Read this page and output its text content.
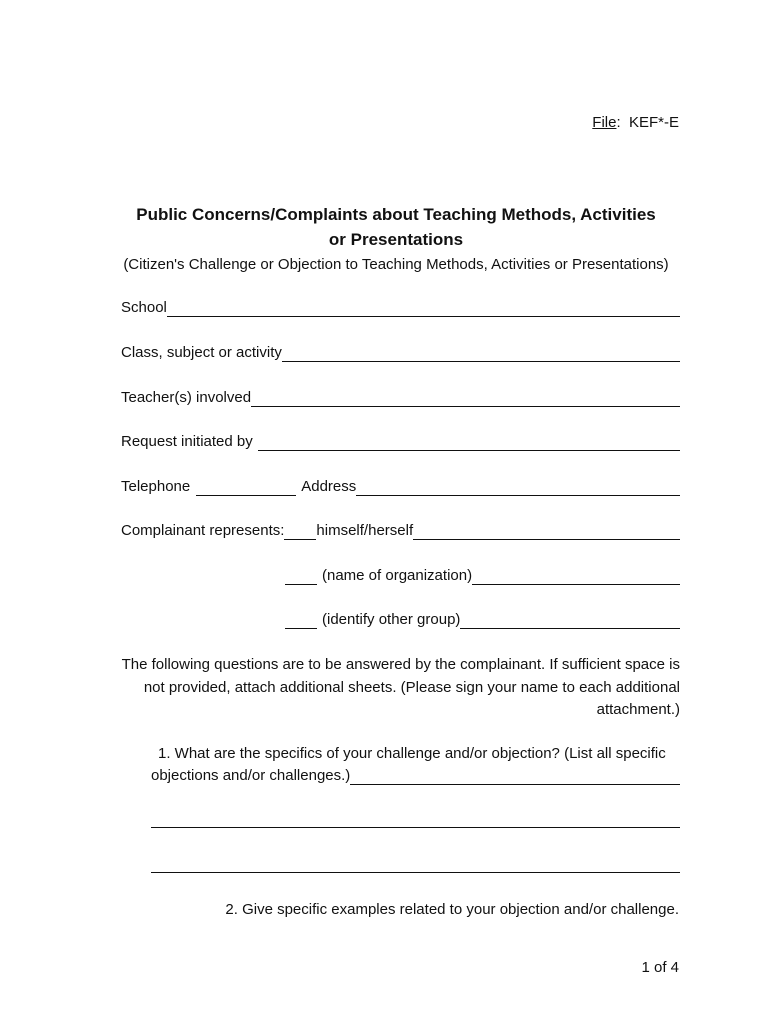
File: KEF*-E
Public Concerns/Complaints about Teaching Methods, Activities
or Presentations
(Citizen's Challenge or Objection to Teaching Methods, Activities or Presentations)
School
Class, subject or activity
Teacher(s) involved
Request initiated by
Telephone	Address
Complainant represents: himself/herself
(name of organization)
(identify other group)
The following questions are to be answered by the complainant. If sufficient space is
not provided, attach additional sheets. (Please sign your name to each additional
attachment.)
1. What are the specifics of your challenge and/or objection? (List all specific
objections and/or challenges.)
2. Give specific examples related to your objection and/or challenge.
1 of 4
